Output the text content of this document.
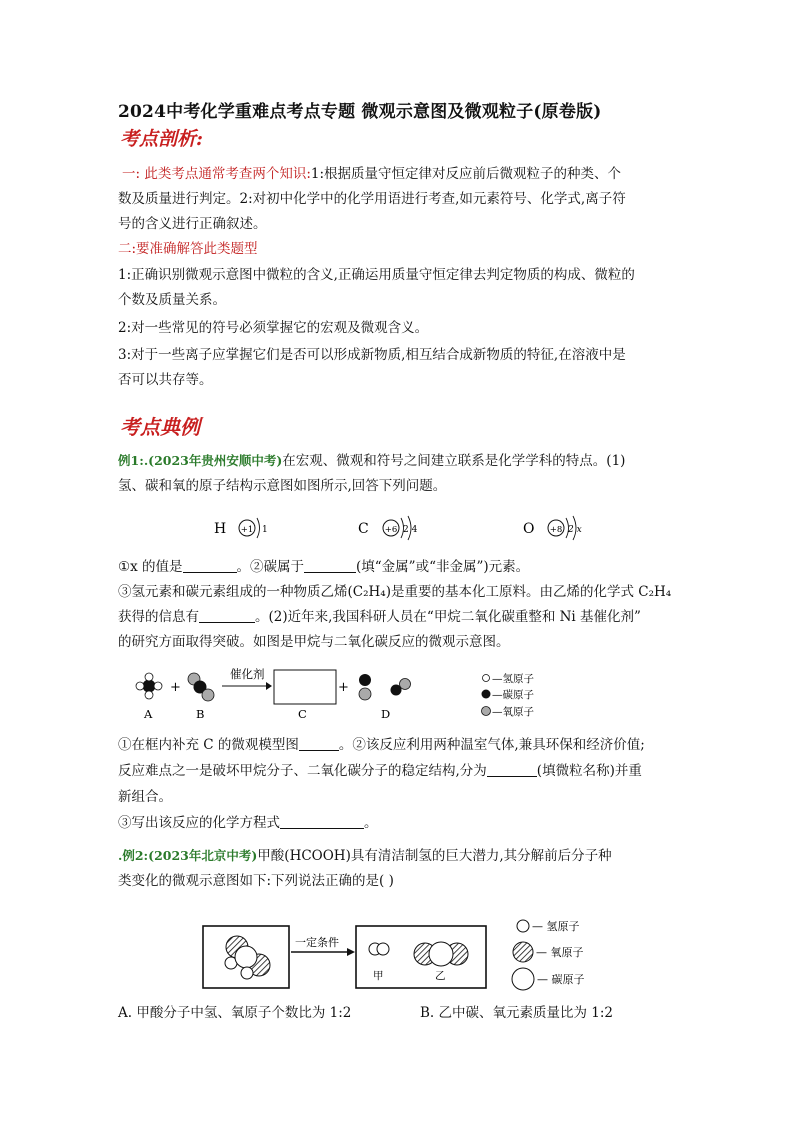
2024中考化学重难点考点专题 微观示意图及微观粒子(原卷版)
考点剖析:
一: 此类考点通常考查两个知识:1:根据质量守恒定律对反应前后微观粒子的种类、个
数及质量进行判定。2:对初中化学中的化学用语进行考查,如元素符号、化学式,离子符
号的含义进行正确叙述。
二:要准确解答此类题型
1:正确识别微观示意图中微粒的含义,正确运用质量守恒定律去判定物质的构成、微粒的
个数及质量关系。
2:对一些常见的符号必须掌握它的宏观及微观含义。
3:对于一些离子应掌握它们是否可以形成新物质,相互结合成新物质的特征,在溶液中是
否可以共存等。
考点典例
例1:.(2023年贵州安顺中考)在宏观、微观和符号之间建立联系是化学学科的特点。(1)
氢、碳和氧的原子结构示意图如图所示,回答下列问题。
H +1 1	C +6 2 4	O +8 2 x
①x 的值是	。②碳属于	(填“金属”或“非金属”)元素。
③氢元素和碳元素组成的一种物质乙烯(C₂H₄)是重要的基本化工原料。由乙烯的化学式 C₂H₄
获得的信息有	。(2)近年来,我国科研人员在“甲烷二氧化碳重整和 Ni 基催化剂”
的研究方面取得突破。如图是甲烷与二氧化碳反应的微观示意图。
+
催化剂
+
A	B	C	D
—氢原子
—碳原子
—氧原子
①在框内补充 C 的微观模型图	。②该反应利用两种温室气体,兼具环保和经济价值;
反应难点之一是破坏甲烷分子、二氧化碳分子的稳定结构,分为	(填微粒名称)并重
新组合。
③写出该反应的化学方程式	。
.例2:(2023年北京中考)甲酸(HCOOH)具有清洁制氢的巨大潜力,其分解前后分子种
类变化的微观示意图如下:下列说法正确的是( )
一定条件
甲	乙
— 氢原子
— 氧原子
— 碳原子
A. 甲酸分子中氢、氧原子个数比为 1:2	B. 乙中碳、氧元素质量比为 1:2
